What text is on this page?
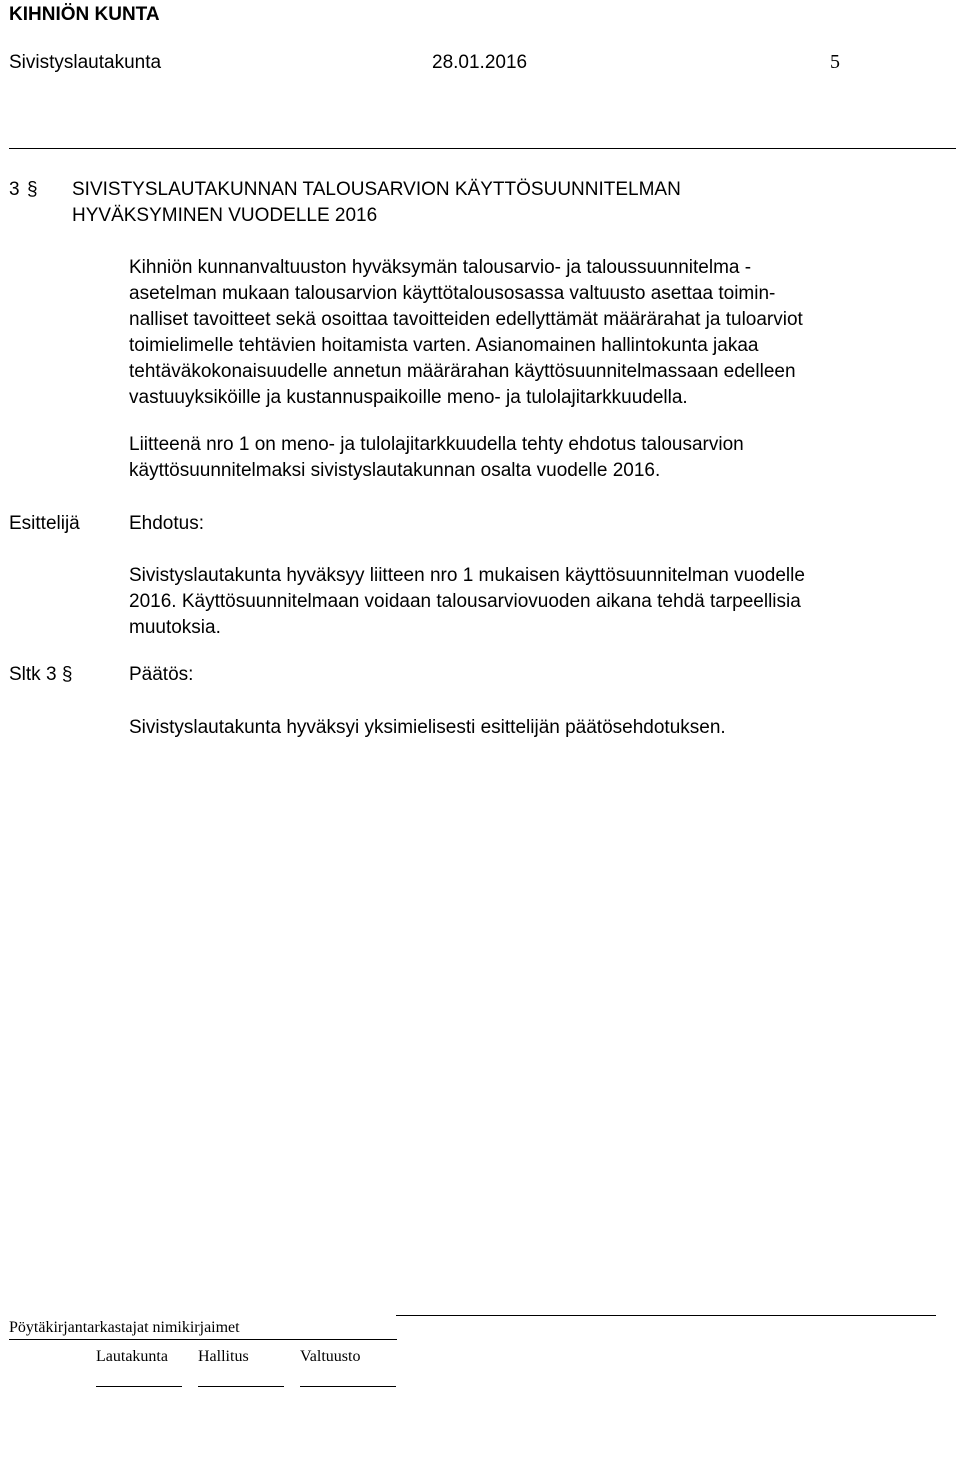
KIHNIÖN KUNTA
Sivistyslautakunta	28.01.2016	5
3 § SIVISTYSLAUTAKUNNAN TALOUSARVION KÄYTTÖSUUNNITELMAN
HYVÄKSYMINEN VUODELLE 2016
Kihniön kunnanvaltuuston hyväksymän talousarvio- ja taloussuunnitelma -
asetelman mukaan talousarvion käyttötalousosassa valtuusto asettaa toimin-
nalliset tavoitteet sekä osoittaa tavoitteiden edellyttämät määrärahat ja tuloarviot
toimielimelle tehtävien hoitamista varten. Asianomainen hallintokunta jakaa
tehtäväkokonaisuudelle annetun määrärahan käyttösuunnitelmassaan edelleen
vastuuyksiköille ja kustannuspaikoille meno- ja tulolajitarkkuudella.
Liitteenä nro 1 on meno- ja tulolajitarkkuudella tehty ehdotus talousarvion
käyttösuunnitelmaksi sivistyslautakunnan osalta vuodelle 2016.
Esittelijä	Ehdotus:
Sivistyslautakunta hyväksyy liitteen nro 1 mukaisen käyttösuunnitelman vuodelle
2016. Käyttösuunnitelmaan voidaan talousarviovuoden aikana tehdä tarpeellisia
muutoksia.
Sltk 3 §	Päätös:
Sivistyslautakunta hyväksyi yksimielisesti esittelijän päätösehdotuksen.
Pöytäkirjantarkastajat nimikirjaimet
Lautakunta Hallitus	Valtuusto
